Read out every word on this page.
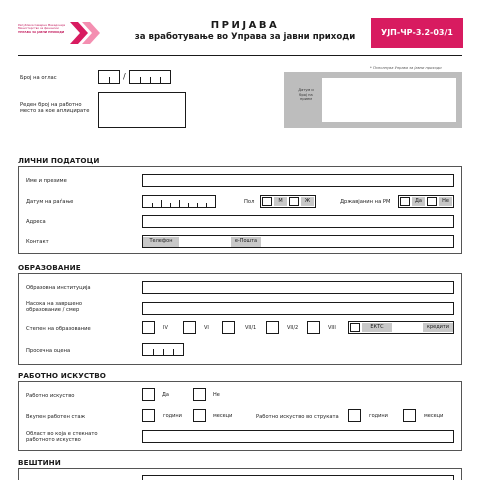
Република Северна Македонија
Министерство за финансии
УПРАВА ЗА ЈАВНИ ПРИХОДИ
ПРИЈАВА
за вработување во Управа за јавни приходи	УЈП-ЧР-3.2-03/1
Број на оглас	/
Реден број на работно место за кое аплицирате
* Пополнува Управа за јавни приходи
Датум и број на прием
ЛИЧНИ ПОДАТОЦИ
Име и презиме
Датум на раѓање	Пол	М	Ж	Државјанин на РМ	Да	Не
Адреса
Контакт	Телефон	е-Пошта
ОБРАЗОВАНИЕ
Образовна институција
Насока на завршено образование / смер
Степен на образование	IV	VI	VII/1	VII/2	VIII	ЕКТС	кредити
Просечна оцена
РАБОТНО ИСКУСТВО
Работно искуство	Да	Не
Вкупен работен стаж	години	месеци	Работно искуство во струката	години	месеци
Област во која е стекнато работното искуство
ВЕШТИНИ
